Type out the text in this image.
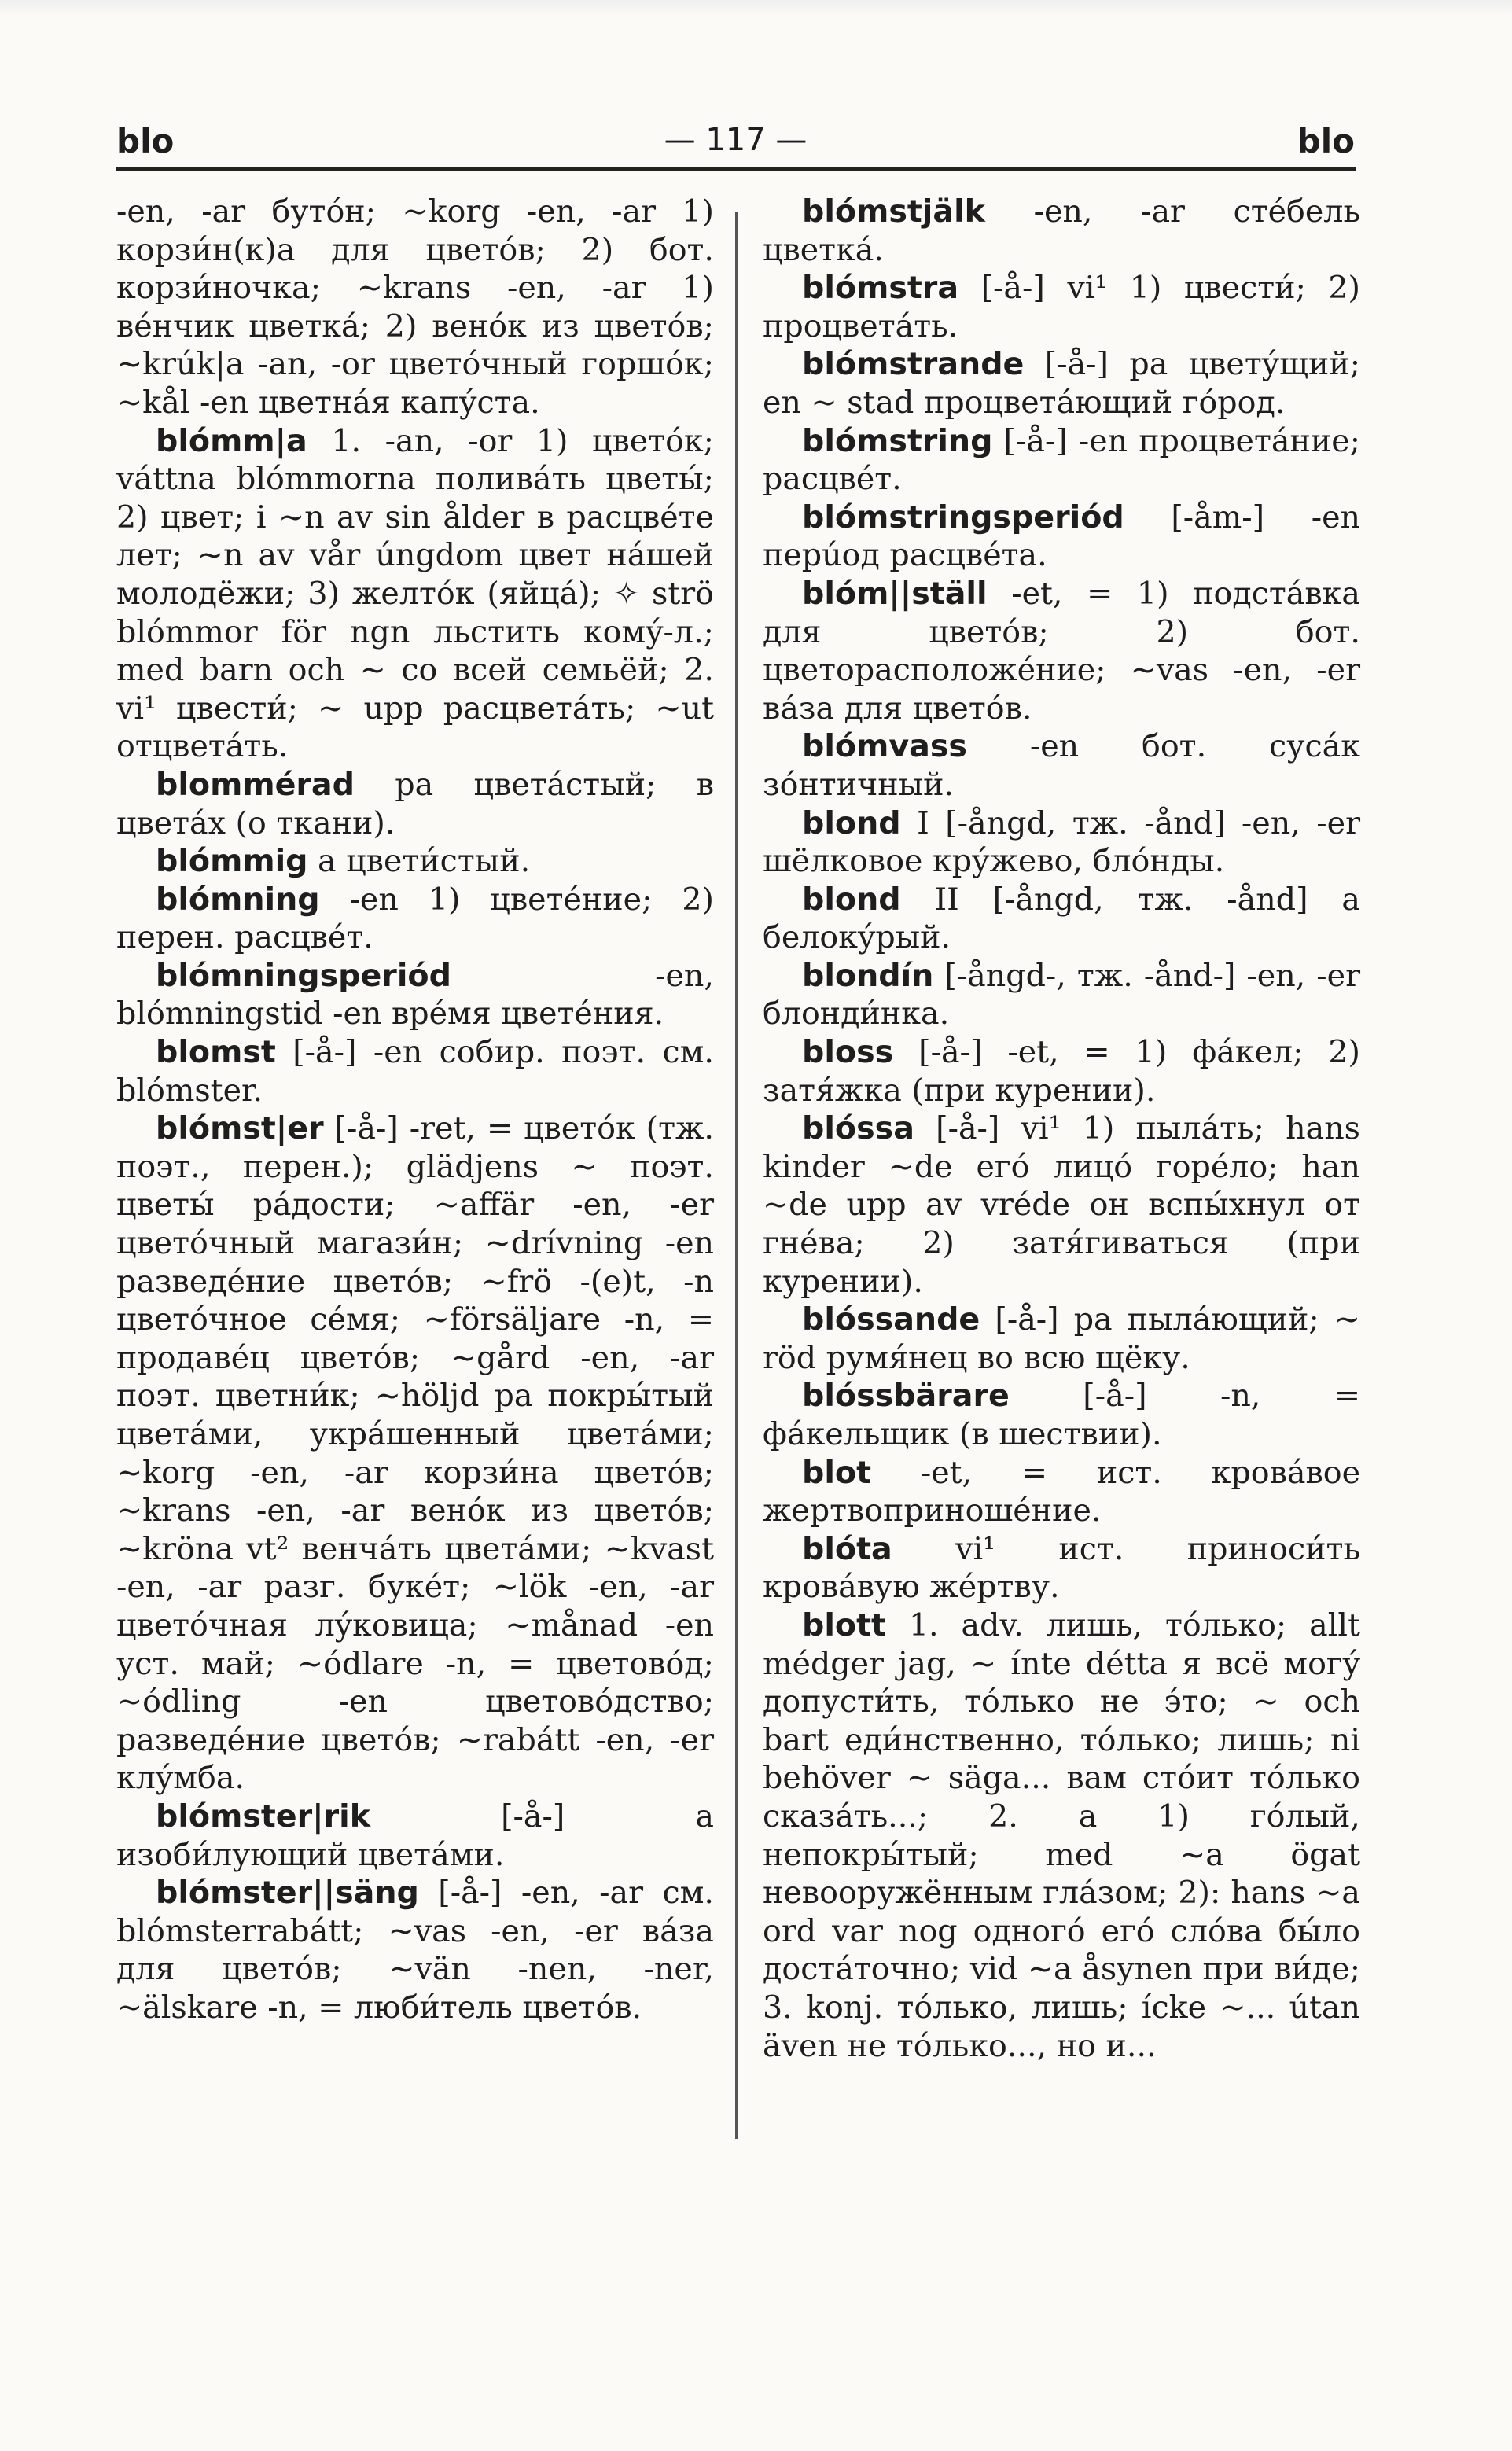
blo	— 117 —	blo

-en, -ar бутóн; ~korg -en, -ar 1) корзи́н(к)а для цветóв; 2) бот. корзи́ночка; ~krans -en, -ar 1) вéнчик цветкá; 2) венóк из цветóв; ~krúk|a -an, -or цветóчный горшóк; ~kål -en цветнáя капýста.

blómm|a 1. -an, -or 1) цветóк; váttna blómmorna поливáть цветы́; 2) цвет; i ~n av sin ålder в расцвéте лет; ~n av vår úngdom цвет нáшей молодёжи; 3) желтóк (яйцá); ✧ strö blómmor för ngn льстить комý-л.; med barn och ~ со всей семьёй; 2. vi¹ цвести́; ~ upp расцветáть; ~ut отцветáть.

blommérad pa цветáстый; в цветáх (о ткани).

blómmig a цвети́стый.

blómning -en 1) цветéние; 2) перен. расцвéт.

blómningsperiód -en, blómningstid -en врéмя цветéния.

blomst [-å-] -en собир. поэт. см. blómster.

blómst|er [-å-] -ret, = цветóк (тж. поэт., перен.); glädjens ~ поэт. цветы́ рáдости; ~affär -en, -er цветóчный магази́н; ~drívning -en разведéние цветóв; ~frö -(e)t, -n цветóчное сéмя; ~försäljare -n, = продавéц цветóв; ~gård -en, -ar поэт. цветни́к; ~höljd pa покры́тый цветáми, укрáшенный цветáми; ~korg -en, -ar корзи́на цветóв; ~krans -en, -ar венóк из цветóв; ~kröna vt² венчáть цветáми; ~kvast -en, -ar разг. букéт; ~lök -en, -ar цветóчная лýковица; ~månad -en уст. май; ~ódlare -n, = цветовóд; ~ódling -en цветовóдство; разведéние цветóв; ~rabátt -en, -er клýмба.

blómster|rik [-å-] a изоби́лующий цветáми.

blómster||säng [-å-] -en, -ar см. blómsterrabátt; ~vas -en, -er вáза для цветóв; ~vän -nen, -ner, ~älskare -n, = люби́тель цветóв.

blómstjälk -en, -ar стéбель цветкá.

blómstra [-å-] vi¹ 1) цвести́; 2) процветáть.

blómstrande [-å-] pa цветýщий; en ~ stad процветáющий гóрод.

blómstring [-å-] -en процветáние; расцвéт.

blómstringsperiód [-åm-] -en перúод расцвéта.

blóm||ställ -et, = 1) подстáвка для цветóв; 2) бот. цветорасположéние; ~vas -en, -er вáза для цветóв.

blómvass -en бот. сусáк зóнтичный.

blond I [-ångd, тж. -ånd] -en, -er шёлковое крýжево, блóнды.

blond II [-ångd, тж. -ånd] a белокýрый.

blondín [-ångd-, тж. -ånd-] -en, -er блонди́нка.

bloss [-å-] -et, = 1) фáкел; 2) затя́жка (при курении).

blóssa [-å-] vi¹ 1) пылáть; hans kinder ~de егó лицó горéло; han ~de upp av vréde он вспы́хнул от гнéва; 2) затя́гиваться (при курении).

blóssande [-å-] pa пылáющий; ~ röd румя́нец во всю щёку.

blóssbärare [-å-] -n, = фáкельщик (в шествии).

blot -et, = ист. кровáвое жертвоприношéние.

blóta vi¹ ист. приноси́ть кровáвую жéртву.

blott 1. adv. лишь, тóлько; allt médger jag, ~ ínte détta я всё могý допусти́ть, тóлько не э́то; ~ och bart еди́нственно, тóлько; лишь; ni behöver ~ säga... вам стóит тóлько сказáть...; 2. a 1) гóлый, непокры́тый; med ~a ögat невооружённым глáзом; 2): hans ~a ord var nog одногó егó слóва бы́ло достáточно; vid ~a åsynen при ви́де; 3. konj. тóлько, лишь; ícke ~... útan även не тóлько..., но и...
